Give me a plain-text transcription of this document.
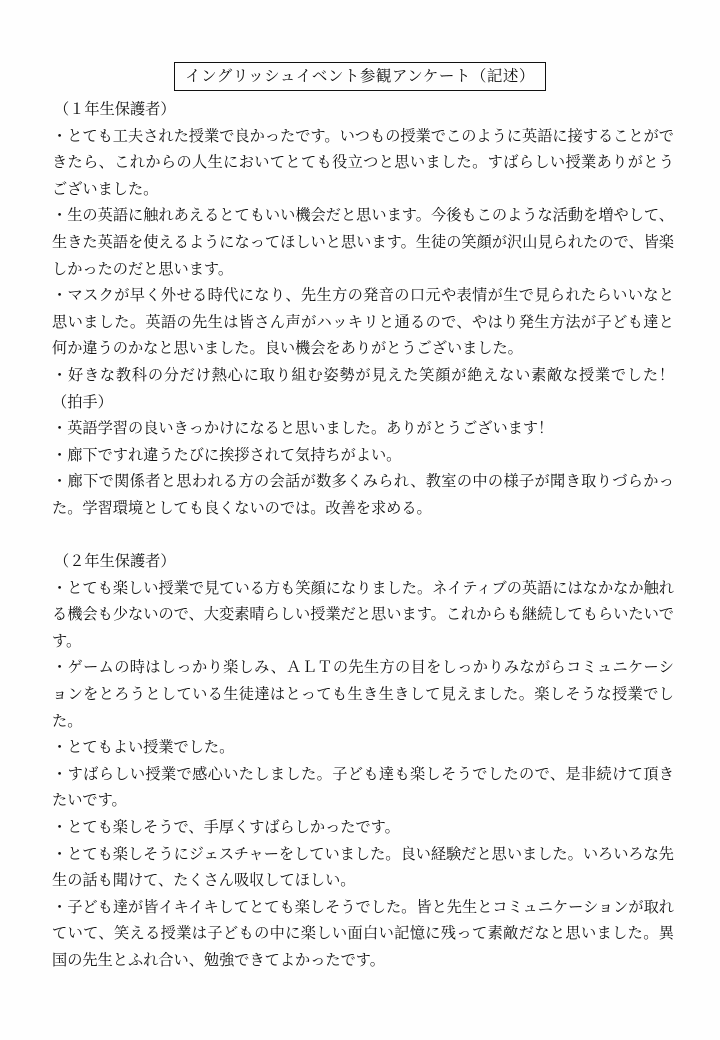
イングリッシュイベント参観アンケート（記述）

（１年生保護者）

・とても工夫された授業で良かったです。いつもの授業でこのように英語に接することができたら、これからの人生においてとても役立つと思いました。すばらしい授業ありがとうございました。

・生の英語に触れあえるとてもいい機会だと思います。今後もこのような活動を増やして、生きた英語を使えるようになってほしいと思います。生徒の笑顔が沢山見られたので、皆楽しかったのだと思います。

・マスクが早く外せる時代になり、先生方の発音の口元や表情が生で見られたらいいなと思いました。英語の先生は皆さん声がハッキリと通るので、やはり発生方法が子ども達と何か違うのかなと思いました。良い機会をありがとうございました。

・好きな教科の分だけ熱心に取り組む姿勢が見えた笑顔が絶えない素敵な授業でした！（拍手）

・英語学習の良いきっかけになると思いました。ありがとうございます！

・廊下ですれ違うたびに挨拶されて気持ちがよい。

・廊下で関係者と思われる方の会話が数多くみられ、教室の中の様子が聞き取りづらかった。学習環境としても良くないのでは。改善を求める。

（２年生保護者）

・とても楽しい授業で見ている方も笑顔になりました。ネイティブの英語にはなかなか触れる機会も少ないので、大変素晴らしい授業だと思います。これからも継続してもらいたいです。

・ゲームの時はしっかり楽しみ、ＡＬＴの先生方の目をしっかりみながらコミュニケーションをとろうとしている生徒達はとっても生き生きして見えました。楽しそうな授業でした。

・とてもよい授業でした。

・すばらしい授業で感心いたしました。子ども達も楽しそうでしたので、是非続けて頂きたいです。

・とても楽しそうで、手厚くすばらしかったです。

・とても楽しそうにジェスチャーをしていました。良い経験だと思いました。いろいろな先生の話も聞けて、たくさん吸収してほしい。

・子ども達が皆イキイキしてとても楽しそうでした。皆と先生とコミュニケーションが取れていて、笑える授業は子どもの中に楽しい面白い記憶に残って素敵だなと思いました。異国の先生とふれ合い、勉強できてよかったです。
